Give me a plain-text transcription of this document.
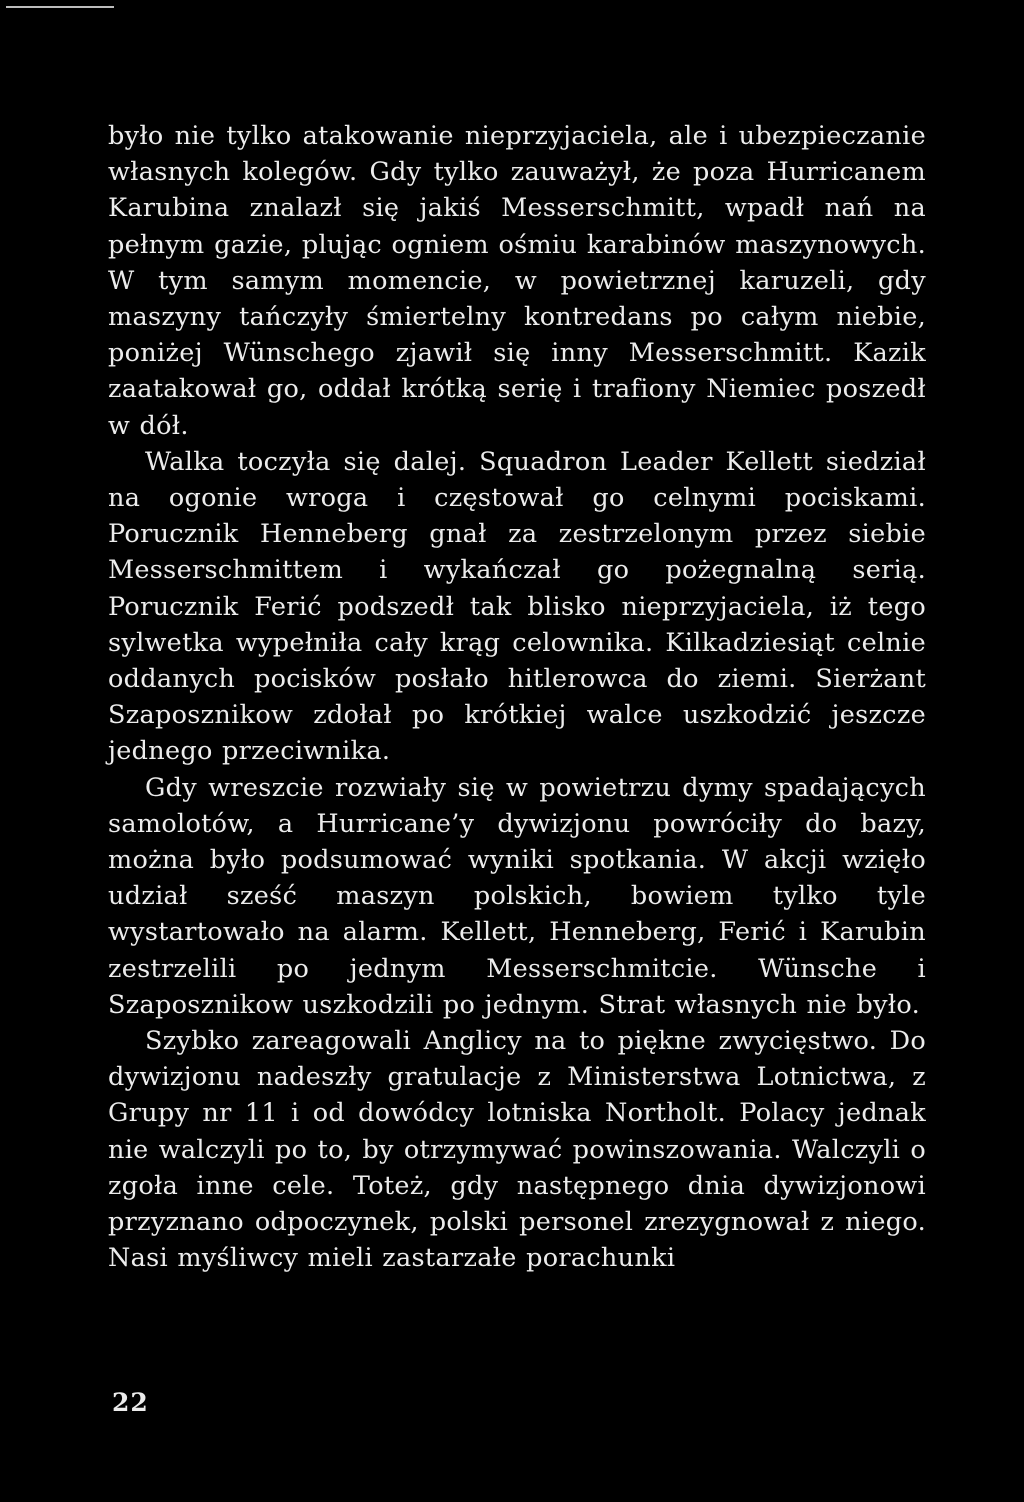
było nie tylko atakowanie nieprzyjaciela, ale i ubezpieczanie własnych kolegów. Gdy tylko zauważył, że poza Hurricanem Karubina znalazł się jakiś Messerschmitt, wpadł nań na pełnym gazie, plując ogniem ośmiu karabinów maszynowych. W tym samym momencie, w powietrznej karuzeli, gdy maszyny tańczyły śmiertelny kontredans po całym niebie, poniżej Wünschego zjawił się inny Messerschmitt. Kazik zaatakował go, oddał krótką serię i trafiony Niemiec poszedł w dół.

Walka toczyła się dalej. Squadron Leader Kellett siedział na ogonie wroga i częstował go celnymi pociskami. Porucznik Henneberg gnał za zestrzelonym przez siebie Messerschmittem i wykańczał go pożegnalną serią. Porucznik Ferić podszedł tak blisko nieprzyjaciela, iż tego sylwetka wypełniła cały krąg celownika. Kilkadziesiąt celnie oddanych pocisków posłało hitlerowca do ziemi. Sierżant Szaposznikow zdołał po krótkiej walce uszkodzić jeszcze jednego przeciwnika.

Gdy wreszcie rozwiały się w powietrzu dymy spadających samolotów, a Hurricane’y dywizjonu powróciły do bazy, można było podsumować wyniki spotkania. W akcji wzięło udział sześć maszyn polskich, bowiem tylko tyle wystartowało na alarm. Kellett, Henneberg, Ferić i Karubin zestrzelili po jednym Messerschmitcie. Wünsche i Szaposznikow uszkodzili po jednym. Strat własnych nie było.

Szybko zareagowali Anglicy na to piękne zwycięstwo. Do dywizjonu nadeszły gratulacje z Ministerstwa Lotnictwa, z Grupy nr 11 i od dowódcy lotniska Northolt. Polacy jednak nie walczyli po to, by otrzymywać powinszowania. Walczyli o zgoła inne cele. Toteż, gdy następnego dnia dywizjonowi przyznano odpoczynek, polski personel zrezygnował z niego. Nasi myśliwcy mieli zastarzałe porachunki

22
